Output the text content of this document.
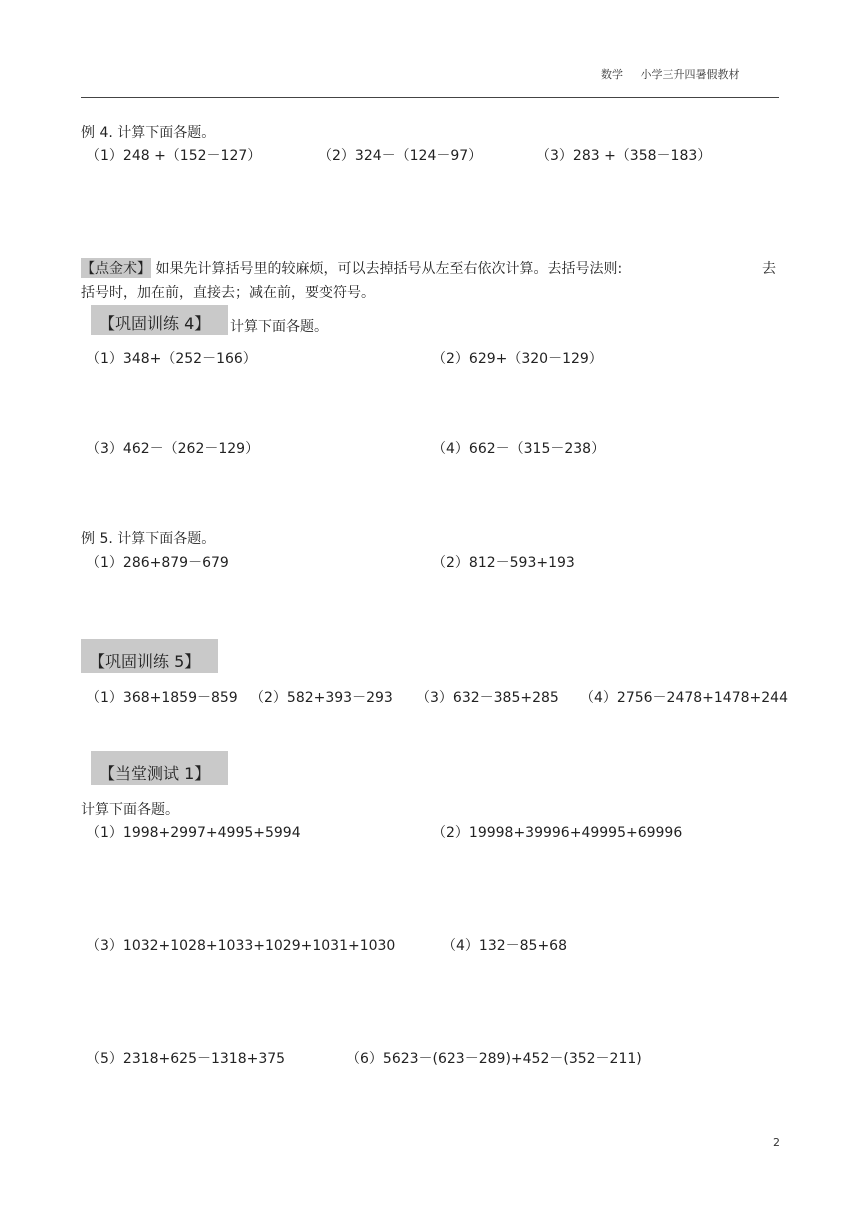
数学 小学三升四暑假教材
例 4. 计算下面各题。
（1）248 +（152－127）	（2）324－（124－97）	（3）283 +（358－183）
【点金术】 如果先计算括号里的较麻烦，可以去掉括号从左至右依次计算。去括号法则:	去
括号时，加在前，直接去；减在前，要变符号。
【巩固训练 4】	计算下面各题。
（1）348+（252－166）	（2）629+（320－129）
（3）462－（262－129）	（4）662－（315－238）
例 5. 计算下面各题。
（1）286+879－679	（2）812－593+193
【巩固训练 5】
（1）368+1859－859 （2）582+393－293 （3）632－385+285 （4）2756－2478+1478+244
【当堂测试 1】
计算下面各题。
（1）1998+2997+4995+5994	（2）19998+39996+49995+69996
（3）1032+1028+1033+1029+1031+1030	（4）132－85+68
（5）2318+625－1318+375	（6）5623－(623－289)+452－(352－211)
2
